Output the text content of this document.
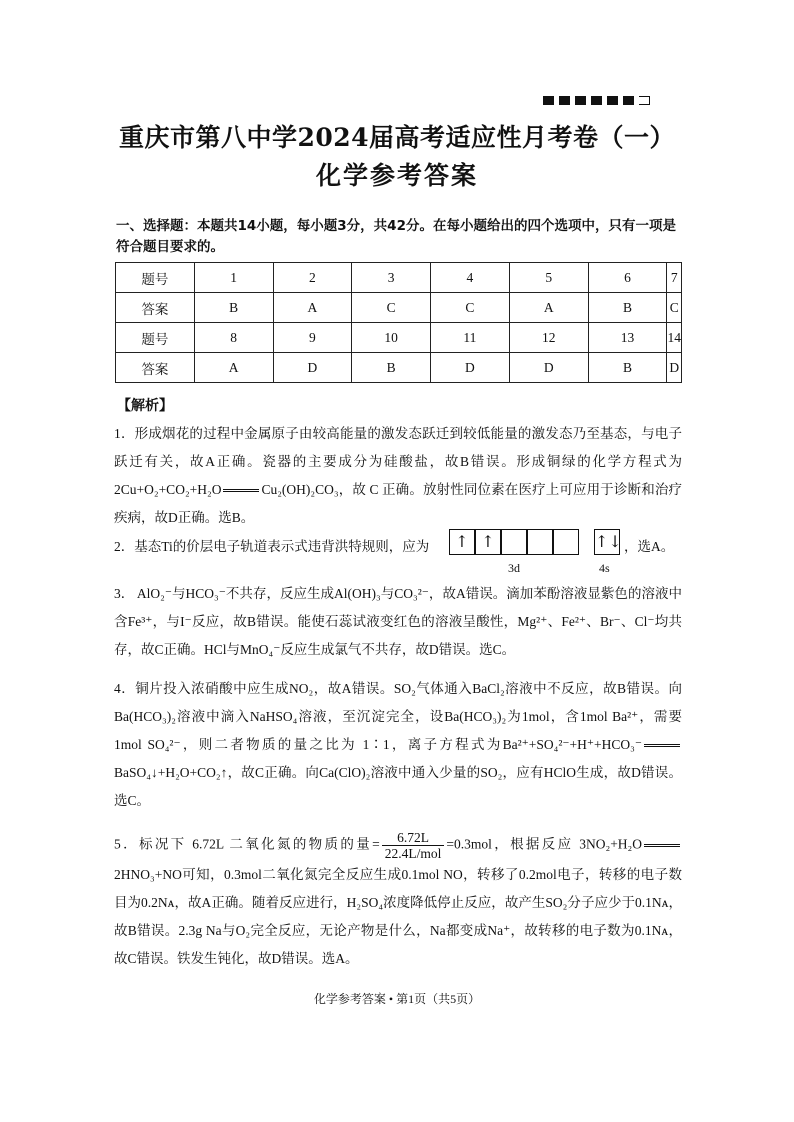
重庆市第八中学2024届高考适应性月考卷（一）
化学参考答案
一、选择题：本题共14小题，每小题3分，共42分。在每小题给出的四个选项中，只有一项是符合题目要求的。
题号	1	2	3	4	5	6	7
答案	B	A	C	C	A	B	C
题号	8	9	10	11	12	13	14
答案	A	D	B	D	D	B	D
【解析】
1．形成烟花的过程中金属原子由较高能量的激发态跃迁到较低能量的激发态乃至基态，与电子跃迁有关，故A正确。瓷器的主要成分为硅酸盐，故B错误。形成铜绿的化学方程式为2Cu+O₂+CO₂+H₂O	Cu₂(OH)₂CO₃，故 C 正确。放射性同位素在医疗上可应用于诊断和治疗疾病，故D正确。选B。
2．基态Ti的价层电子轨道表示式违背洪特规则，应为	↑ ↑	↑↓
3d	4s
，选A。
3． AlO₂⁻与HCO₃⁻不共存，反应生成Al(OH)₃与CO₃²⁻，故A错误。滴加苯酚溶液显紫色的溶液中含Fe³⁺，与I⁻反应，故B错误。能使石蕊试液变红色的溶液呈酸性，Mg²⁺、Fe²⁺、Br⁻、Cl⁻均共存，故C正确。HCl与MnO₄⁻反应生成氯气不共存，故D错误。选C。
4．铜片投入浓硝酸中应生成NO₂，故A错误。SO₂气体通入BaCl₂溶液中不反应，故B错误。向Ba(HCO₃)₂溶液中滴入NaHSO₄溶液，至沉淀完全，设Ba(HCO₃)₂为1mol，含1mol Ba²⁺，需要 1mol SO₄²⁻，则二者物质的量之比为 1∶1，离子方程式为Ba²⁺+SO₄²⁻+H⁺+HCO₃⁻BaSO₄↓+H₂O+CO₂↑，故C正确。向Ca(ClO)₂溶液中通入少量的SO₂，应有HClO生成，故D错误。选C。
5．标况下 6.72L 二氧化氮的物质的量= $\frac{6.72L}{\text{22.4L/mol}} =0.3mol$，根据反应 3NO₂+H₂O2HNO₃+NO可知，0.3mol二氧化氮完全反应生成0.1mol NO，转移了0.2mol电子，转移的电子数目为0.2Nᴀ，故A正确。随着反应进行，H₂SO₄浓度降低停止反应，故产生SO₂分子应少于0.1Nᴀ，故B错误。2.3g Na与O₂完全反应，无论产物是什么，Na都变成Na⁺，故转移的电子数为0.1Nᴀ，故C错误。铁发生钝化，故D错误。选A。
化学参考答案 • 第1页（共5页）
